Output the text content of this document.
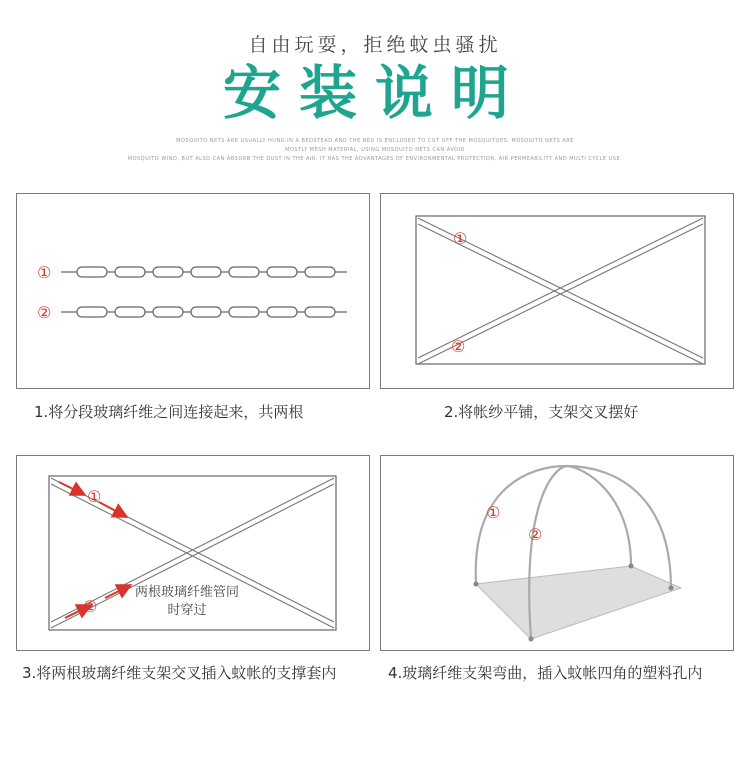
自由玩耍，拒绝蚊虫骚扰
安装说明
MOSQUITO NETS ARE USUALLY HUNG IN A BEDSTEAD AND THE BED IS ENCLOSED TO CUT OFF THE MOSQUITOES. MOSQUITO NETS ARE
MOSTLY MESH MATERIAL, USING MOSQUITO NETS CAN AVOID
MOSQUITO WIND, BUT ALSO CAN ABSORB THE DUST IN THE AIR. IT HAS THE ADVANTAGES OF ENVIRONMENTAL PROTECTION, AIR PERMEABILITY AND MULTI CYCLE USE.
①
②
1.将分段玻璃纤维之间连接起来，共两根
①
②
2.将帐纱平铺，支架交叉摆好
①
②
两根玻璃纤维管同时穿过
3.将两根玻璃纤维支架交叉插入蚊帐的支撑套内
①
②
4.玻璃纤维支架弯曲，插入蚊帐四角的塑料孔内
